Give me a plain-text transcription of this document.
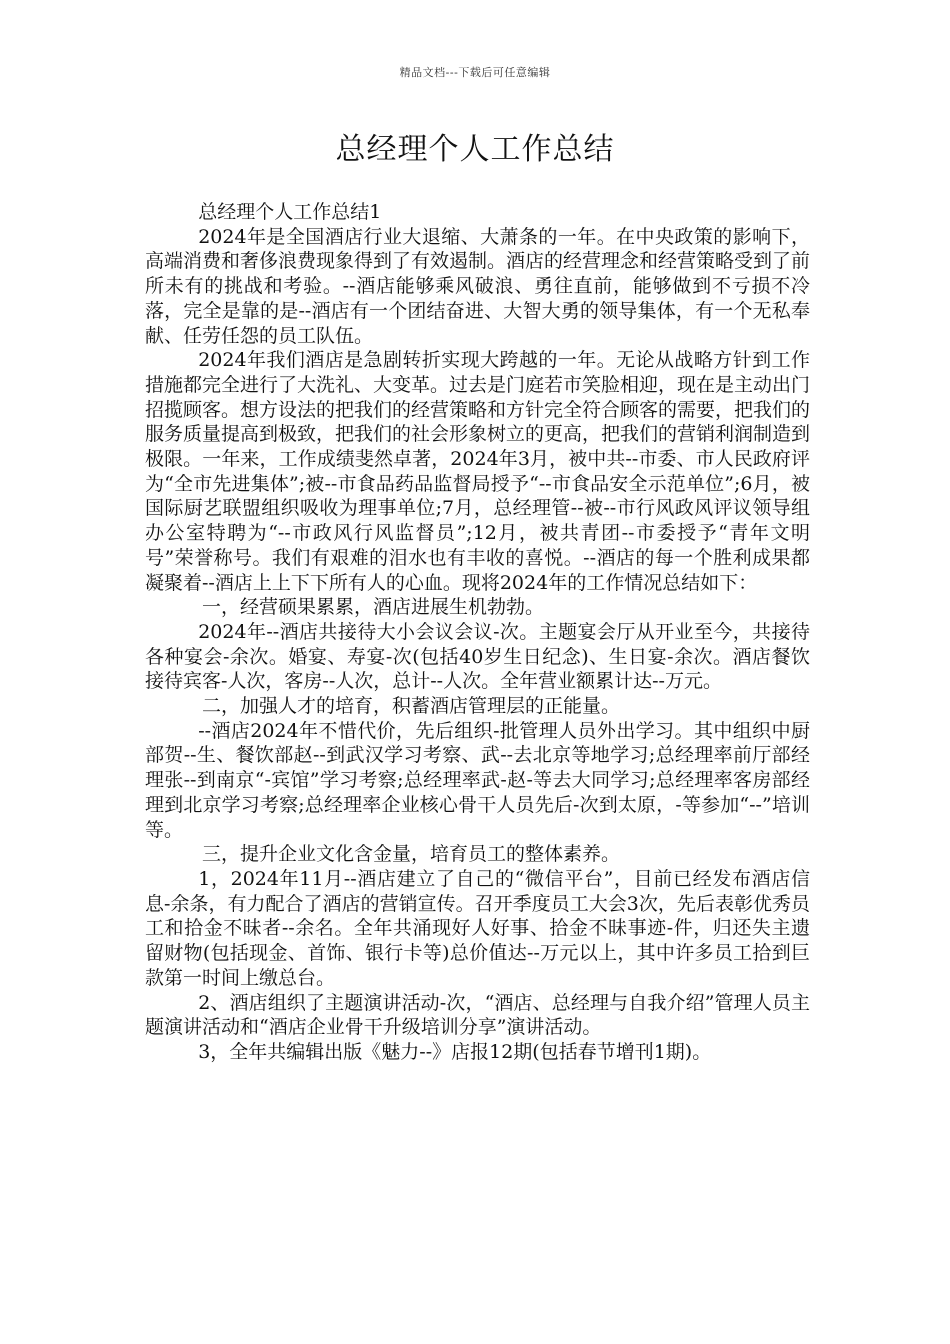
精品文档---下载后可任意编辑
总经理个人工作总结

总经理个人工作总结1

2024年是全国酒店行业大退缩、大萧条的一年。在中央政策的影响下，高端消费和奢侈浪费现象得到了有效遏制。酒店的经营理念和经营策略受到了前所未有的挑战和考验。--酒店能够乘风破浪、勇往直前，能够做到不亏损不冷落，完全是靠的是--酒店有一个团结奋进、大智大勇的领导集体，有一个无私奉献、任劳任怨的员工队伍。

2024年我们酒店是急剧转折实现大跨越的一年。无论从战略方针到工作措施都完全进行了大洗礼、大变革。过去是门庭若市笑脸相迎，现在是主动出门招揽顾客。想方设法的把我们的经营策略和方针完全符合顾客的需要，把我们的服务质量提高到极致，把我们的社会形象树立的更高，把我们的营销利润制造到极限。一年来，工作成绩斐然卓著，2024年3月，被中共--市委、市人民政府评为“全市先进集体”;被--市食品药品监督局授予“--市食品安全示范单位”;6月，被国际厨艺联盟组织吸收为理事单位;7月，总经理管--被--市行风政风评议领导组办公室特聘为“--市政风行风监督员”;12月，被共青团--市委授予“青年文明号”荣誉称号。我们有艰难的泪水也有丰收的喜悦。--酒店的每一个胜利成果都凝聚着--酒店上上下下所有人的心血。现将2024年的工作情况总结如下：

一，经营硕果累累，酒店进展生机勃勃。

2024年--酒店共接待大小会议会议-次。主题宴会厅从开业至今，共接待各种宴会-余次。婚宴、寿宴-次(包括40岁生日纪念)、生日宴-余次。酒店餐饮接待宾客-人次，客房--人次，总计--人次。全年营业额累计达--万元。

二，加强人才的培育，积蓄酒店管理层的正能量。

--酒店2024年不惜代价，先后组织-批管理人员外出学习。其中组织中厨部贺--生、餐饮部赵--到武汉学习考察、武--去北京等地学习;总经理率前厅部经理张--到南京“-宾馆”学习考察;总经理率武-赵-等去大同学习;总经理率客房部经理到北京学习考察;总经理率企业核心骨干人员先后-次到太原，-等参加“--”培训等。

三，提升企业文化含金量，培育员工的整体素养。

1，2024年11月--酒店建立了自己的“微信平台”，目前已经发布酒店信息-余条，有力配合了酒店的营销宣传。召开季度员工大会3次，先后表彰优秀员工和拾金不昧者--余名。全年共涌现好人好事、拾金不昧事迹-件，归还失主遗留财物(包括现金、首饰、银行卡等)总价值达--万元以上，其中许多员工拾到巨款第一时间上缴总台。

2、酒店组织了主题演讲活动-次，“酒店、总经理与自我介绍”管理人员主题演讲活动和“酒店企业骨干升级培训分享”演讲活动。

3，全年共编辑出版《魅力--》店报12期(包括春节增刊1期)。
